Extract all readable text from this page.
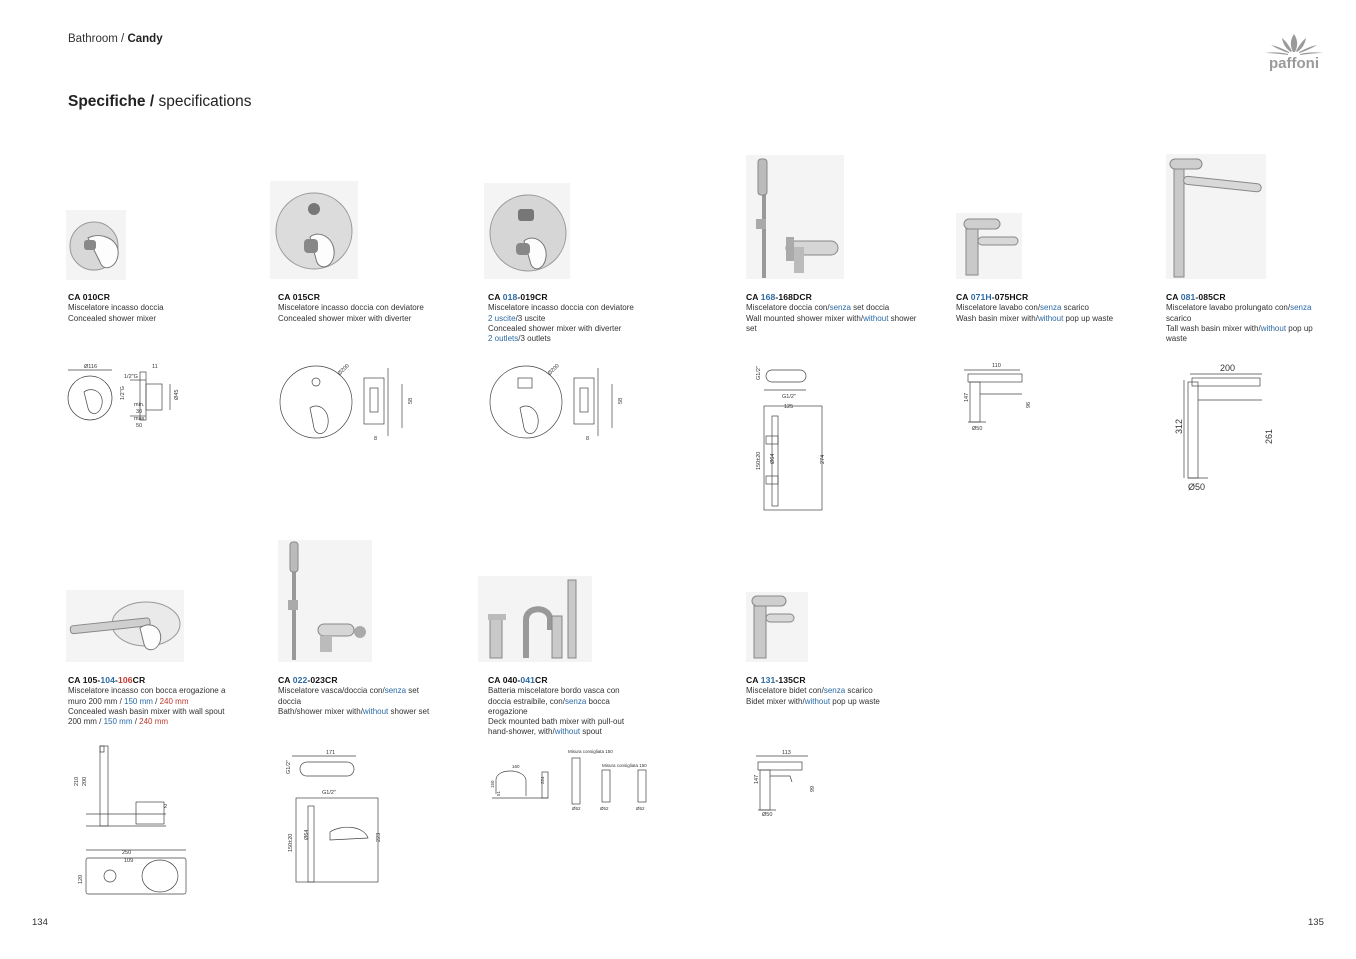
Bathroom / Candy
Specifiche / specifications
paffoni
134	135
CA 010CR
Miscelatore incasso doccia
Concealed shower mixer
CA 015CR
Miscelatore incasso doccia con deviatore
Concealed shower mixer with diverter
CA 018-019CR
Miscelatore incasso doccia con deviatore
2 uscite/3 uscite
Concealed shower mixer with diverter
2 outlets/3 outlets
CA 168-168DCR
Miscelatore doccia con/senza set doccia
Wall mounted shower mixer with/without shower set
CA 071H-075HCR
Miscelatore lavabo con/senza scarico
Wash basin mixer with/without pop up waste
CA 081-085CR
Miscelatore lavabo prolungato con/senza scarico
Tall wash basin mixer with/without pop up waste
Ø116
1/2"G
1/2"G
11
Ø45
min.
30
max
50
Ø200
58
8
Ø200
58
8
G1/2"
G1/2"
125
150±20 Ø64	274
110
147
96
Ø50
200
312
261
Ø50
CA 105-104-106CR
Miscelatore incasso con bocca erogazione a muro 200 mm / 150 mm / 240 mm
Concealed wash basin mixer with wall spout 200 mm / 150 mm / 240 mm
CA 022-023CR
Miscelatore vasca/doccia con/senza set doccia
Bath/shower mixer with/without shower set
CA 040-041CR
Batteria miscelatore bordo vasca con doccia estraibile, con/senza bocca erogazione
Deck mounted bath mixer with pull-out hand-shower, with/without spout
CA 131-135CR
Miscelatore bidet con/senza scarico
Bidet mixer with/without pop up waste
210 200
2
250
109
120
171
G1/2"
G1/2"
150±20 Ø64	223
Misura consigliata 150
Misura consigliata 150
160
150
51
224
Ø52	Ø52	Ø52
113
147
99
Ø50
